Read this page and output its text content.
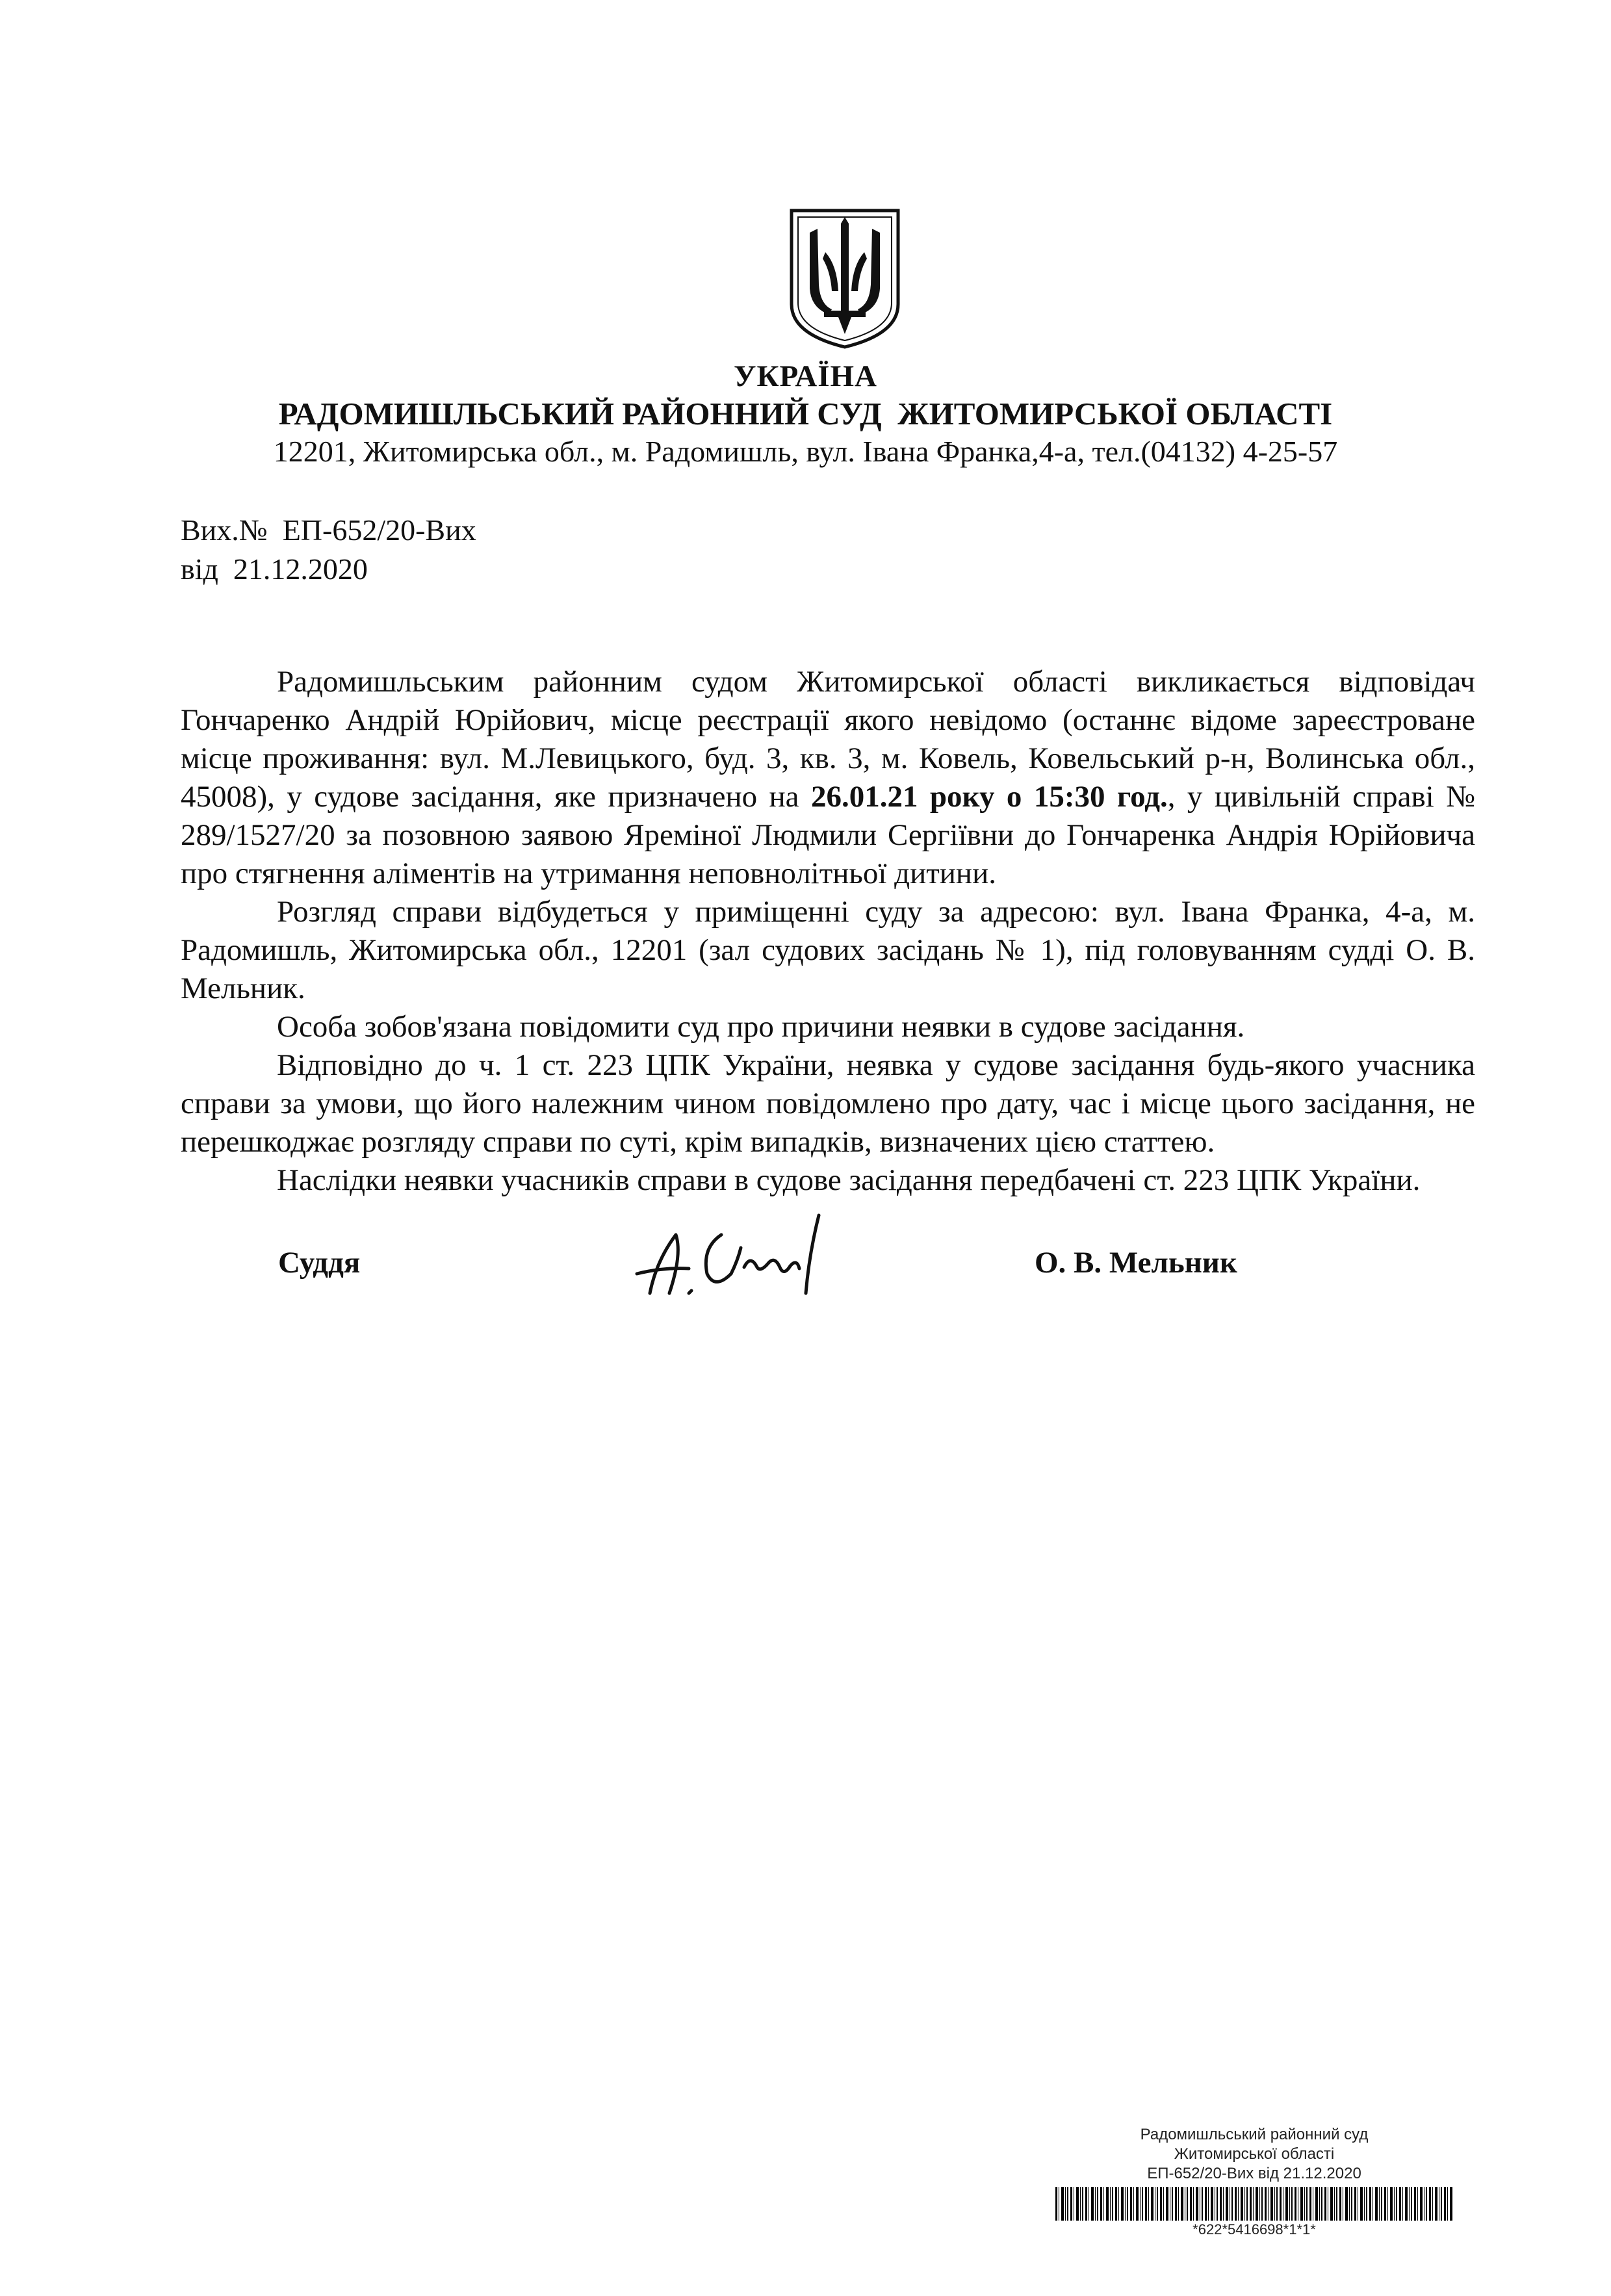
УКРАЇНА
РАДОМИШЛЬСЬКИЙ РАЙОННИЙ СУД  ЖИТОМИРСЬКОЇ ОБЛАСТІ
12201, Житомирська обл., м. Радомишль, вул. Івана Франка,4-а, тел.(04132) 4-25-57
Вих.№  ЕП-652/20-Вих
від  21.12.2020

Радомишльським районним судом Житомирської області викликається відповідач Гончаренко Андрій Юрійович, місце реєстрації якого невідомо (останнє відоме зареєстроване місце проживання: вул. М.Левицького, буд. 3, кв. 3, м. Ковель, Ковельський р-н, Волинська обл., 45008), у судове засідання, яке призначено на 26.01.21 року о 15:30 год., у цивільній справі № 289/1527/20 за позовною заявою Яреміної Людмили Сергіївни до Гончаренка Андрія Юрійовича про стягнення аліментів на утримання неповнолітньої дитини.

Розгляд справи відбудеться у приміщенні суду за адресою: вул. Івана Франка, 4-а, м. Радомишль, Житомирська обл., 12201 (зал судових засідань № 1), під головуванням судді О. В. Мельник.

Особа зобов'язана повідомити суд про причини неявки в судове засідання.

Відповідно до ч. 1 ст. 223 ЦПК України, неявка у судове засідання будь-якого учасника справи за умови, що його належним чином повідомлено про дату, час і місце цього засідання, не перешкоджає розгляду справи по суті, крім випадків, визначених цією статтею.

Наслідки неявки учасників справи в судове засідання передбачені ст. 223 ЦПК України.

Суддя	О. В. Мельник
Радомишльський районний суд
Житомирської області
ЕП-652/20-Вих від 21.12.2020
*622*5416698*1*1*
